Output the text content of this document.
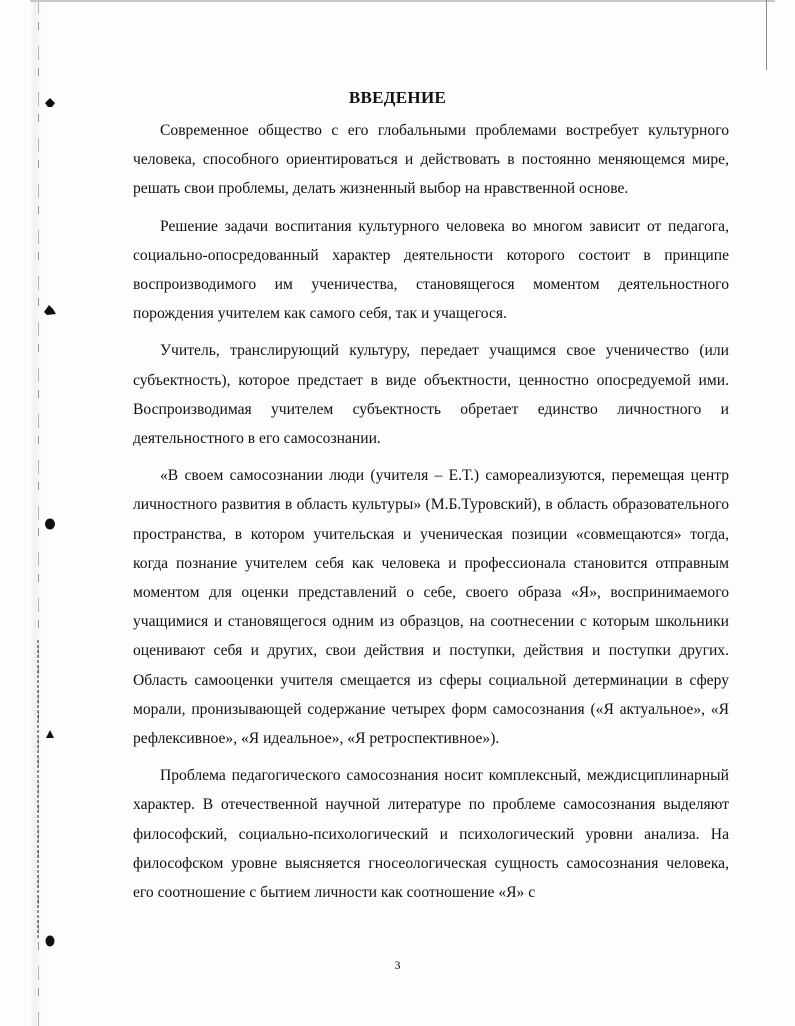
ВВЕДЕНИЕ

Современное общество с его глобальными проблемами востребует культурного человека, способного ориентироваться и действовать в постоянно меняющемся мире, решать свои проблемы, делать жизненный выбор на нравственной основе.

Решение задачи воспитания культурного человека во многом зависит от педагога, социально-опосредованный характер деятельности которого состоит в принципе воспроизводимого им ученичества, становящегося моментом деятельностного порождения учителем как самого себя, так и учащегося.

Учитель, транслирующий культуру, передает учащимся свое ученичество (или субъектность), которое предстает в виде объектности, ценностно опосредуемой ими. Воспроизводимая учителем субъектность обретает единство личностного и деятельностного в его самосознании.

«В своем самосознании люди (учителя – Е.Т.) самореализуются, перемещая центр личностного развития в область культуры» (М.Б.Туровский), в область образовательного пространства, в котором учительская и ученическая позиции «совмещаются» тогда, когда познание учителем себя как человека и профессионала становится отправным моментом для оценки представлений о себе, своего образа «Я», воспринимаемого учащимися и становящегося одним из образцов, на соотнесении с которым школьники оценивают себя и других, свои действия и поступки, действия и поступки других. Область самооценки учителя смещается из сферы социальной детерминации в сферу морали, пронизывающей содержание четырех форм самосознания («Я актуальное», «Я рефлексивное», «Я идеальное», «Я ретроспективное»).

Проблема педагогического самосознания носит комплексный, междисциплинарный характер. В отечественной научной литературе по проблеме самосознания выделяют философский, социально-психологический и психологический уровни анализа. На философском уровне выясняется гносеологическая сущность самосознания человека, его соотношение с бытием личности как соотношение «Я» с

3
